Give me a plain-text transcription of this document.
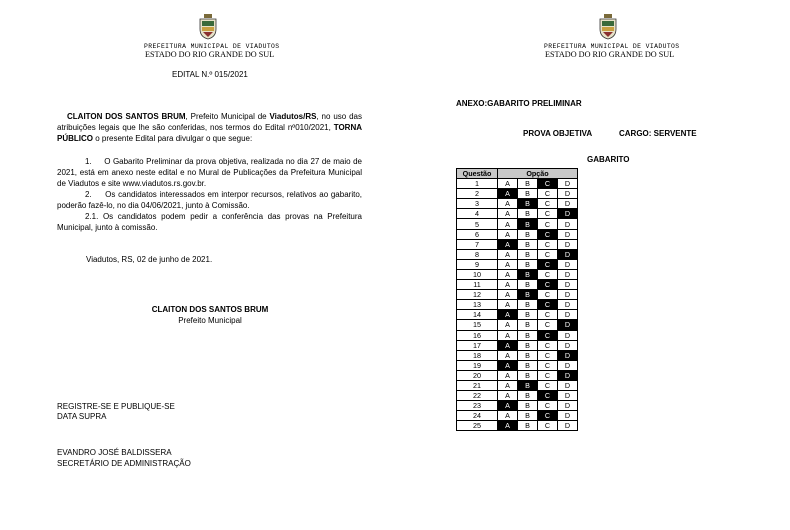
PREFEITURA MUNICIPAL DE VIADUTOS
ESTADO DO RIO GRANDE DO SUL
EDITAL N.º 015/2021
CLAITON DOS SANTOS BRUM, Prefeito Municipal de Viadutos/RS, no uso das atribuições legais que lhe são conferidas, nos termos do Edital nº010/2021, TORNA PÚBLICO o presente Edital para divulgar o que segue:
1.     O Gabarito Preliminar da prova objetiva, realizada no dia 27 de maio de 2021, está em anexo neste edital e no Mural de Publicações da Prefeitura Municipal de Viadutos e site www.viadutos.rs.gov.br.
2.     Os candidatos interessados em interpor recursos, relativos ao gabarito, poderão fazê-lo, no dia 04/06/2021, junto à Comissão.
2.1. Os candidatos podem pedir a conferência das provas na Prefeitura Municipal, junto à comissão.
Viadutos, RS, 02 de junho de 2021.
CLAITON DOS SANTOS BRUM
Prefeito Municipal
REGISTRE-SE E PUBLIQUE-SE
DATA SUPRA
EVANDRO JOSÉ BALDISSERA
SECRETÁRIO DE ADMINISTRAÇÃO
PREFEITURA MUNICIPAL DE VIADUTOS
ESTADO DO RIO GRANDE DO SUL
ANEXO:GABARITO PRELIMINAR
PROVA OBJETIVA	CARGO: SERVENTE
GABARITO
Questão	Opção			
1	A	B	C	D
2	A	B	C	D
3	A	B	C	D
4	A	B	C	D
5	A	B	C	D
6	A	B	C	D
7	A	B	C	D
8	A	B	C	D
9	A	B	C	D
10	A	B	C	D
11	A	B	C	D
12	A	B	C	D
13	A	B	C	D
14	A	B	C	D
15	A	B	C	D
16	A	B	C	D
17	A	B	C	D
18	A	B	C	D
19	A	B	C	D
20	A	B	C	D
21	A	B	C	D
22	A	B	C	D
23	A	B	C	D
24	A	B	C	D
25	A	B	C	D
